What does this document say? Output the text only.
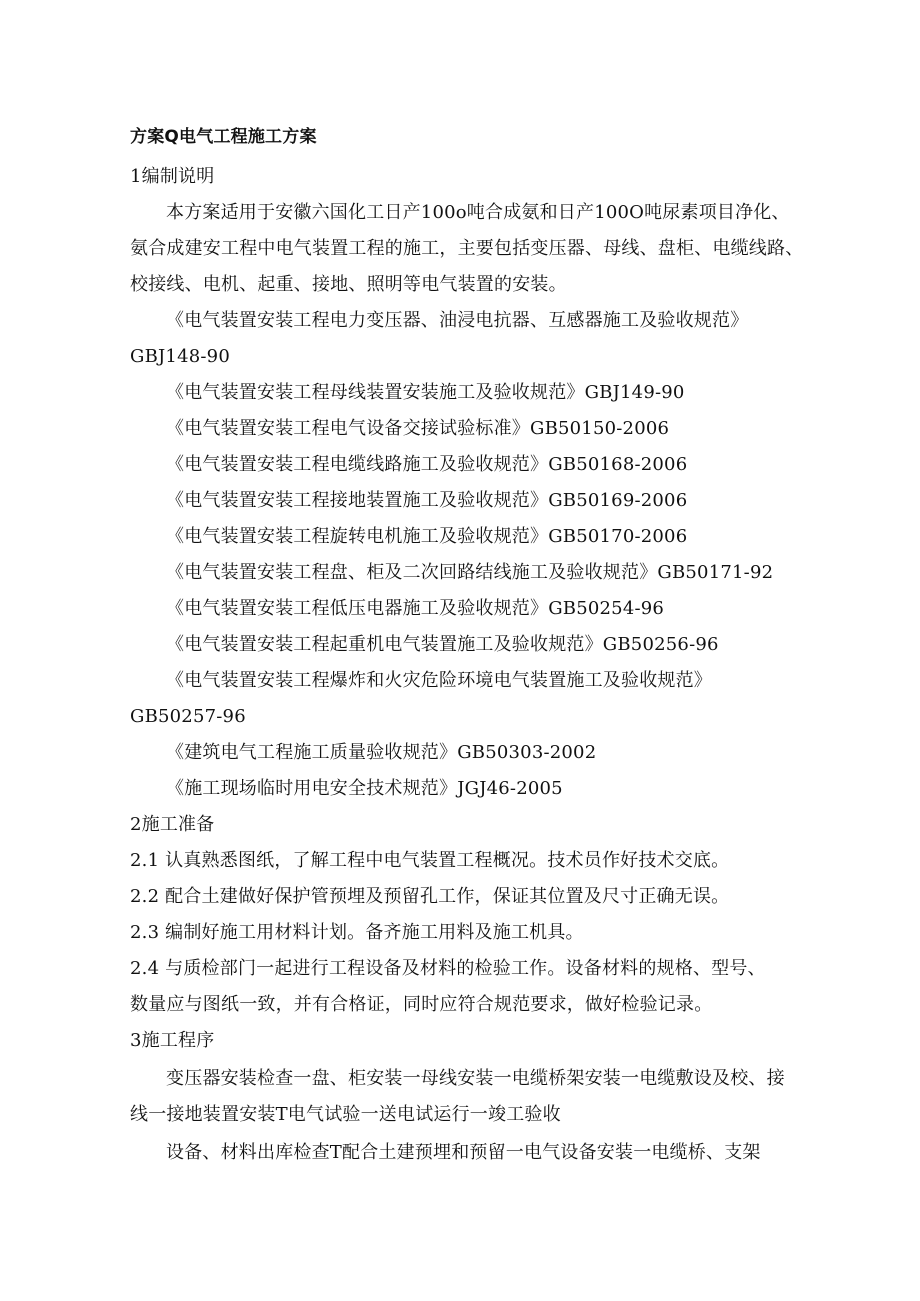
方案Q电气工程施工方案
1编制说明
本方案适用于安徽六国化工日产100o吨合成氨和日产100O吨尿素项目净化、
氨合成建安工程中电气装置工程的施工，主要包括变压器、母线、盘柜、电缆线路、
校接线、电机、起重、接地、照明等电气装置的安装。
《电气装置安装工程电力变压器、油浸电抗器、互感器施工及验收规范》
GBJ148-90
《电气装置安装工程母线装置安装施工及验收规范》GBJ149-90
《电气装置安装工程电气设备交接试验标准》GB50150-2006
《电气装置安装工程电缆线路施工及验收规范》GB50168-2006
《电气装置安装工程接地装置施工及验收规范》GB50169-2006
《电气装置安装工程旋转电机施工及验收规范》GB50170-2006
《电气装置安装工程盘、柜及二次回路结线施工及验收规范》GB50171-92
《电气装置安装工程低压电器施工及验收规范》GB50254-96
《电气装置安装工程起重机电气装置施工及验收规范》GB50256-96
《电气装置安装工程爆炸和火灾危险环境电气装置施工及验收规范》
GB50257-96
《建筑电气工程施工质量验收规范》GB50303-2002
《施工现场临时用电安全技术规范》JGJ46-2005
2施工准备
2.1 认真熟悉图纸，了解工程中电气装置工程概况。技术员作好技术交底。
2.2 配合土建做好保护管预埋及预留孔工作，保证其位置及尺寸正确无误。
2.3 编制好施工用材料计划。备齐施工用料及施工机具。
2.4 与质检部门一起进行工程设备及材料的检验工作。设备材料的规格、型号、
数量应与图纸一致，并有合格证，同时应符合规范要求，做好检验记录。
3施工程序
变压器安装检查一盘、柜安装一母线安装一电缆桥架安装一电缆敷设及校、接
线一接地装置安装T电气试验一送电试运行一竣工验收
设备、材料出库检查T配合土建预埋和预留一电气设备安装一电缆桥、支架
